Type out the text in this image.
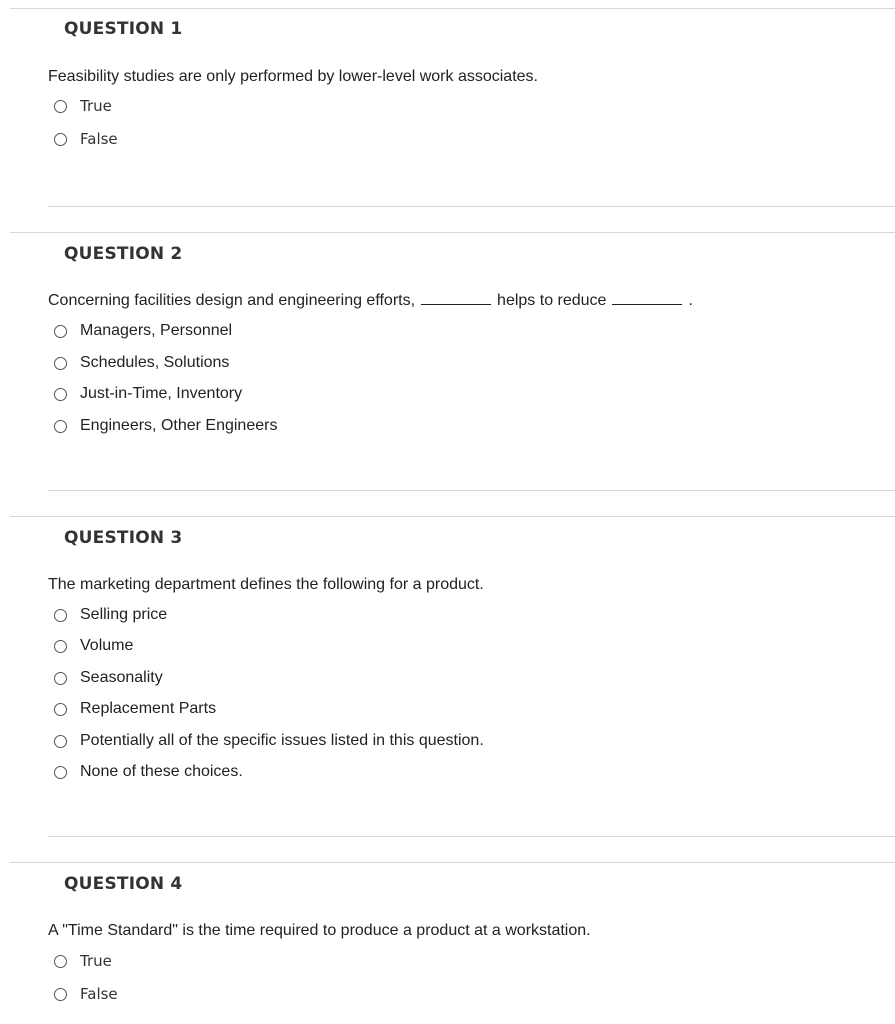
QUESTION 1
Feasibility studies are only performed by lower-level work associates.
True
False
QUESTION 2
Concerning facilities design and engineering efforts,	helps to reduce	.
Managers, Personnel
Schedules, Solutions
Just-in-Time, Inventory
Engineers, Other Engineers
QUESTION 3
The marketing department defines the following for a product.
Selling price
Volume
Seasonality
Replacement Parts
Potentially all of the specific issues listed in this question.
None of these choices.
QUESTION 4
A "Time Standard" is the time required to produce a product at a workstation.
True
False
